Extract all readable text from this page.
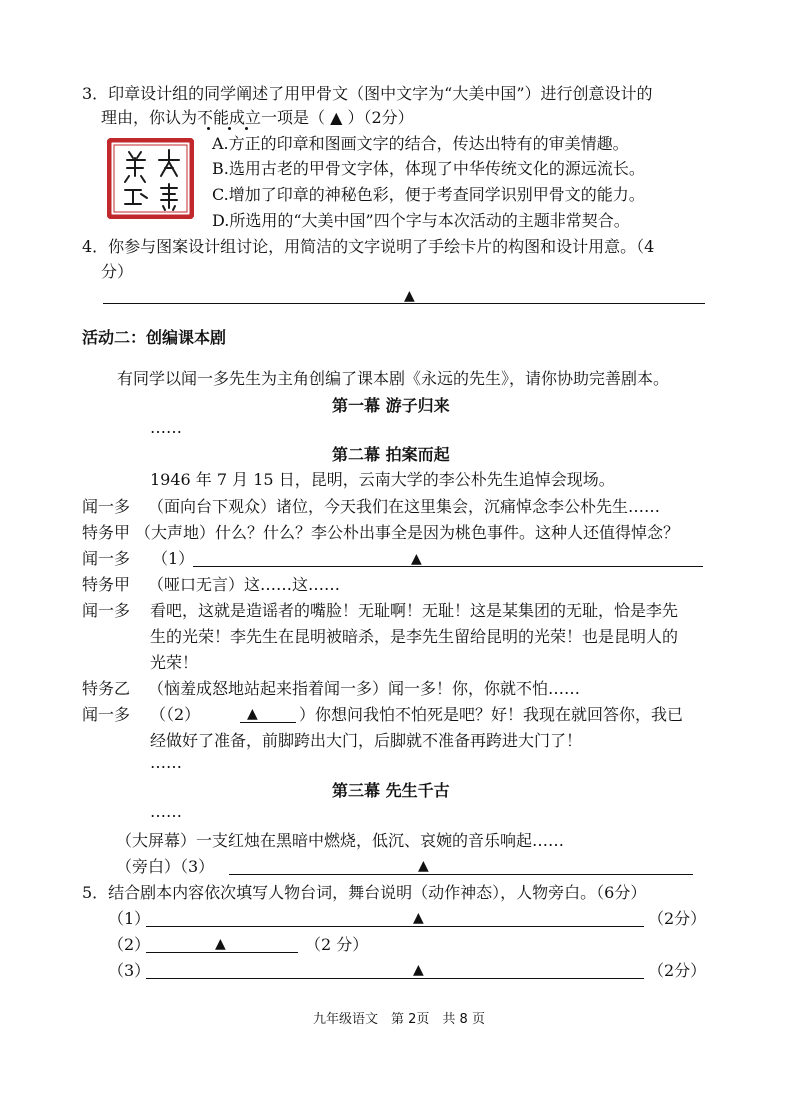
3．印章设计组的同学阐述了用甲骨文（图中文字为“大美中国”）进行创意设计的
理由，你认为不能成立一项是（ ▲ ）（2分）
A.方正的印章和图画文字的结合，传达出特有的审美情趣。
B.选用古老的甲骨文字体，体现了中华传统文化的源远流长。
C.增加了印章的神秘色彩，便于考查同学识别甲骨文的能力。
D.所选用的“大美中国”四个字与本次活动的主题非常契合。
4．你参与图案设计组讨论，用简洁的文字说明了手绘卡片的构图和设计用意。（4
分）
▲
活动二：创编课本剧
有同学以闻一多先生为主角创编了课本剧《永远的先生》，请你协助完善剧本。
第一幕 游子归来
……
第二幕 拍案而起
1946 年 7 月 15 日，昆明，云南大学的李公朴先生追悼会现场。
闻一多 （面向台下观众）诸位，今天我们在这里集会，沉痛悼念李公朴先生……
特务甲 （大声地）什么？什么？李公朴出事全是因为桃色事件。这种人还值得悼念？
闻一多 （1）	▲
特务甲 （哑口无言）这……这……
闻一多 看吧，这就是造谣者的嘴脸！无耻啊！无耻！这是某集团的无耻，恰是李先
生的光荣！李先生在昆明被暗杀，是李先生留给昆明的光荣！也是昆明人的
光荣！
特务乙 （恼羞成怒地站起来指着闻一多）闻一多！你，你就不怕……
闻一多 （（2）	▲	）你想问我怕不怕死是吧？好！我现在就回答你，我已
经做好了准备，前脚跨出大门，后脚就不准备再跨进大门了！
……
第三幕 先生千古
……
（大屏幕）一支红烛在黑暗中燃烧，低沉、哀婉的音乐响起……
（旁白）（3）	▲
5．结合剧本内容依次填写人物台词，舞台说明（动作神态），人物旁白。（6分）
（1）	▲	（2分）
（2）	▲	（2 分）
（3）	▲	（2分）
九年级语文　第 2页　共 8 页
